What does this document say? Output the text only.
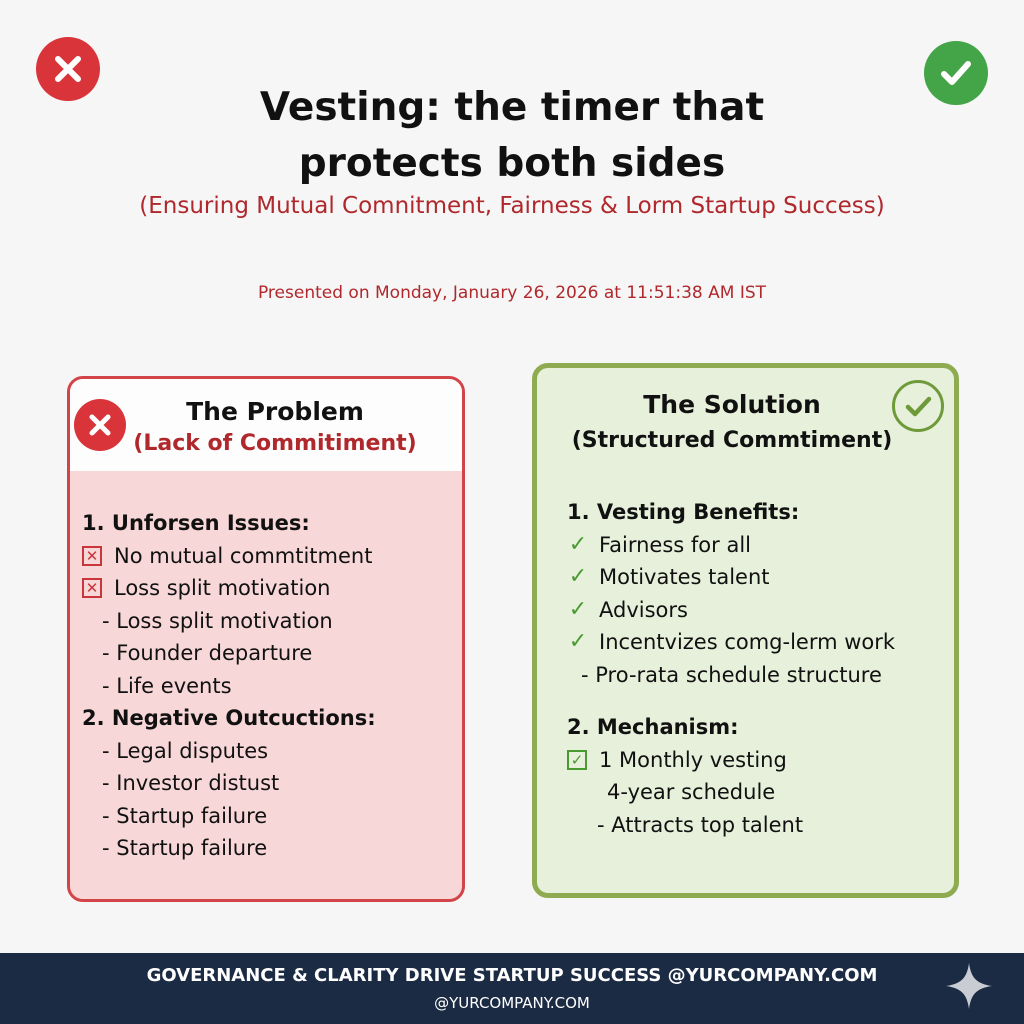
Vesting: the timer that
protects both sides
(Ensuring Mutual Comnitment, Fairness & Lorm Startup Success)
Presented on Monday, January 26, 2026 at 11:51:38 AM IST
The Problem
(Lack of Commitiment)
1. Unforsen Issues:
✕ No mutual commtitment
✕ Loss split motivation
- Loss split motivation
- Founder departure
- Life events
2. Negative Outcuctions:
- Legal disputes
- Investor distust
- Startup failure
- Startup failure
The Solution
(Structured Commtiment)
1. Vesting Benefits:
✓ Fairness for all
✓ Motivates talent
✓ Advisors
✓ Incentvizes comg-lerm work
- Pro-rata schedule structure
2. Mechanism:
✓ 1 Monthly vesting
4-year schedule
- Attracts top talent
GOVERNANCE & CLARITY DRIVE STARTUP SUCCESS @YURCOMPANY.COM
@YURCOMPANY.COM
